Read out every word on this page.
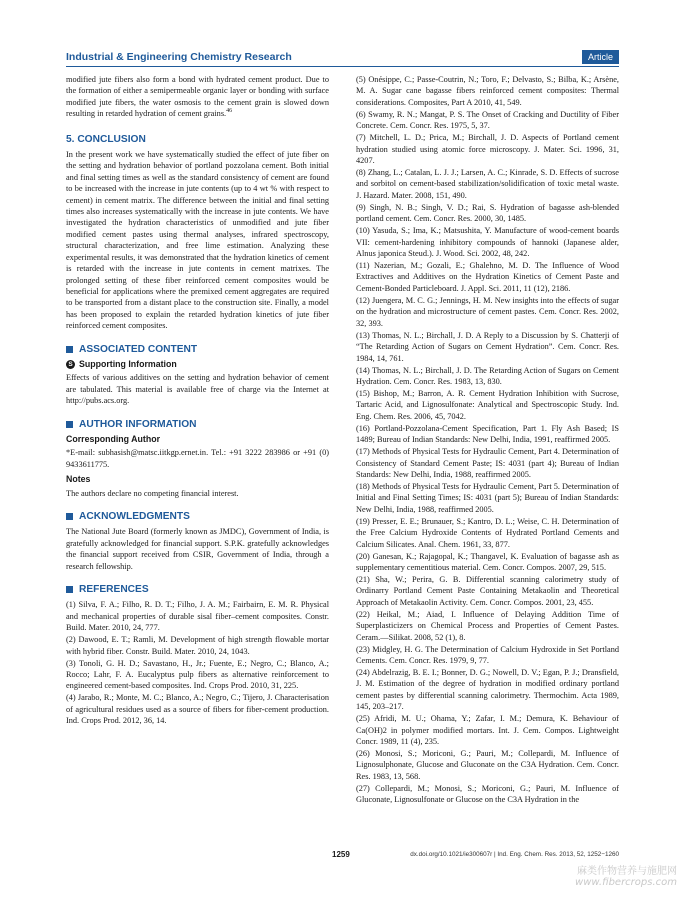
Industrial & Engineering Chemistry Research	Article

modified jute fibers also form a bond with hydrated cement product. Due to the formation of either a semipermeable organic layer or bonding with surface modified jute fibers, the water osmosis to the cement grain is slowed down resulting in retarded hydration of cement grains.$^{46}$

5. CONCLUSION

In the present work we have systematically studied the effect of jute fiber on the setting and hydration behavior of portland pozzolana cement. Both initial and final setting times as well as the standard consistency of cement are found to be increased with the increase in jute contents (up to 4 wt % with respect to cement) in cement matrix. The difference between the initial and final setting times also increases systematically with the increase in jute contents. We have investigated the hydration characteristics of unmodified and jute fiber modified cement pastes using thermal analyses, infrared spectroscopy, structural characterization, and free lime estimation. Analyzing these experimental results, it was demonstrated that the hydration kinetics of cement is retarded with the increase in jute contents in cement matrixes. The prolonged setting of these fiber reinforced cement composites would be beneficial for applications where the premixed cement aggregates are required to be transported from a distant place to the construction site. Finally, a model has been proposed to explain the retarded hydration kinetics of jute fiber reinforced cement composites.

ASSOCIATED CONTENT
S Supporting Information

Effects of various additives on the setting and hydration behavior of cement are tabulated. This material is available free of charge via the Internet at http://pubs.acs.org.

AUTHOR INFORMATION
Corresponding Author

*E-mail: subhasish@matsc.iitkgp.ernet.in. Tel.: +91 3222 283986 or +91 (0) 9433611775.

Notes

The authors declare no competing financial interest.

ACKNOWLEDGMENTS

The National Jute Board (formerly known as JMDC), Government of India, is gratefully acknowledged for financial support. S.P.K. gratefully acknowledges the financial support received from CSIR, Government of India, through a research fellowship.

REFERENCES

(1) Silva, F. A.; Filho, R. D. T.; Filho, J. A. M.; Fairbairn, E. M. R. Physical and mechanical properties of durable sisal fiber–cement composites. Constr. Build. Mater. 2010, 24, 777.

(2) Dawood, E. T.; Ramli, M. Development of high strength flowable mortar with hybrid fiber. Constr. Build. Mater. 2010, 24, 1043.

(3) Tonoli, G. H. D.; Savastano, H., Jr.; Fuente, E.; Negro, C.; Blanco, A.; Rocco; Lahr, F. A. Eucalyptus pulp fibers as alternative reinforcement to engineered cement-based composites. Ind. Crops Prod. 2010, 31, 225.

(4) Jarabo, R.; Monte, M. C.; Blanco, A.; Negro, C.; Tijero, J. Characterisation of agricultural residues used as a source of fibers for fiber-cement production. Ind. Crops Prod. 2012, 36, 14.

(5) Onésippe, C.; Passe-Coutrin, N.; Toro, F.; Delvasto, S.; Bilba, K.; Arsène, M. A. Sugar cane bagasse fibers reinforced cement composites: Thermal considerations. Composites, Part A 2010, 41, 549.

(6) Swamy, R. N.; Mangat, P. S. The Onset of Cracking and Ductility of Fiber Concrete. Cem. Concr. Res. 1975, 5, 37.

(7) Mitchell, L. D.; Prica, M.; Birchall, J. D. Aspects of Portland cement hydration studied using atomic force microscopy. J. Mater. Sci. 1996, 31, 4207.

(8) Zhang, L.; Catalan, L. J. J.; Larsen, A. C.; Kinrade, S. D. Effects of sucrose and sorbitol on cement-based stabilization/solidification of toxic metal waste. J. Hazard. Mater. 2008, 151, 490.

(9) Singh, N. B.; Singh, V. D.; Rai, S. Hydration of bagasse ash-blended portland cement. Cem. Concr. Res. 2000, 30, 1485.

(10) Yasuda, S.; Ima, K.; Matsushita, Y. Manufacture of wood-cement boards VII: cement-hardening inhibitory compounds of hannoki (Japanese alder, Alnus japonica Steud.). J. Wood. Sci. 2002, 48, 242.

(11) Nazerian, M.; Gozali, E.; Ghalehno, M. D. The Influence of Wood Extractives and Additives on the Hydration Kinetics of Cement Paste and Cement-Bonded Particleboard. J. Appl. Sci. 2011, 11 (12), 2186.

(12) Juengera, M. C. G.; Jennings, H. M. New insights into the effects of sugar on the hydration and microstructure of cement pastes. Cem. Concr. Res. 2002, 32, 393.

(13) Thomas, N. L.; Birchall, J. D. A Reply to a Discussion by S. Chatterji of “The Retarding Action of Sugars on Cement Hydration”. Cem. Concr. Res. 1984, 14, 761.

(14) Thomas, N. L.; Birchall, J. D. The Retarding Action of Sugars on Cement Hydration. Cem. Concr. Res. 1983, 13, 830.

(15) Bishop, M.; Barron, A. R. Cement Hydration Inhibition with Sucrose, Tartaric Acid, and Lignosulfonate: Analytical and Spectroscopic Study. Ind. Eng. Chem. Res. 2006, 45, 7042.

(16) Portland-Pozzolana-Cement Specification, Part 1. Fly Ash Based; IS 1489; Bureau of Indian Standards: New Delhi, India, 1991, reaffirmed 2005.

(17) Methods of Physical Tests for Hydraulic Cement, Part 4. Determination of Consistency of Standard Cement Paste; IS: 4031 (part 4); Bureau of Indian Standards: New Delhi, India, 1988, reaffirmed 2005.

(18) Methods of Physical Tests for Hydraulic Cement, Part 5. Determination of Initial and Final Setting Times; IS: 4031 (part 5); Bureau of Indian Standards: New Delhi, India, 1988, reaffirmed 2005.

(19) Presser, E. E.; Brunauer, S.; Kantro, D. L.; Weise, C. H. Determination of the Free Calcium Hydroxide Contents of Hydrated Portland Cements and Calcium Silicates. Anal. Chem. 1961, 33, 877.

(20) Ganesan, K.; Rajagopal, K.; Thangavel, K. Evaluation of bagasse ash as supplementary cementitious material. Cem. Concr. Compos. 2007, 29, 515.

(21) Sha, W.; Perira, G. B. Differential scanning calorimetry study of Ordinarry Portland Cement Paste Containing Metakaolin and Theoretical Approach of Metakaolin Activity. Cem. Concr. Compos. 2001, 23, 455.

(22) Heikal, M.; Aiad, I. Influence of Delaying Addition Time of Superplasticizers on Chemical Process and Properties of Cement Pastes. Ceram.—Silikat. 2008, 52 (1), 8.

(23) Midgley, H. G. The Determination of Calcium Hydroxide in Set Portland Cements. Cem. Concr. Res. 1979, 9, 77.

(24) Abdelrazig, B. E. I.; Bonner, D. G.; Nowell, D. V.; Egan, P. J.; Dransfield, J. M. Estimation of the degree of hydration in modified ordinary portland cement pastes by differential scanning calorimetry. Thermochim. Acta 1989, 145, 203–217.

(25) Afridi, M. U.; Ohama, Y.; Zafar, I. M.; Demura, K. Behaviour of Ca(OH)2 in polymer modified mortars. Int. J. Cem. Compos. Lightweight Concr. 1989, 11 (4), 235.

(26) Monosi, S.; Moriconi, G.; Pauri, M.; Collepardi, M. Influence of Lignosulphonate, Glucose and Gluconate on the C3A Hydration. Cem. Concr. Res. 1983, 13, 568.

(27) Collepardi, M.; Monosi, S.; Moriconi, G.; Pauri, M. Influence of Gluconate, Lignosulfonate or Glucose on the C3A Hydration in the

1259	dx.doi.org/10.1021/ie300607r | Ind. Eng. Chem. Res. 2013, 52, 1252−1260
麻类作物营养与施肥网
www.fibercrops.com
